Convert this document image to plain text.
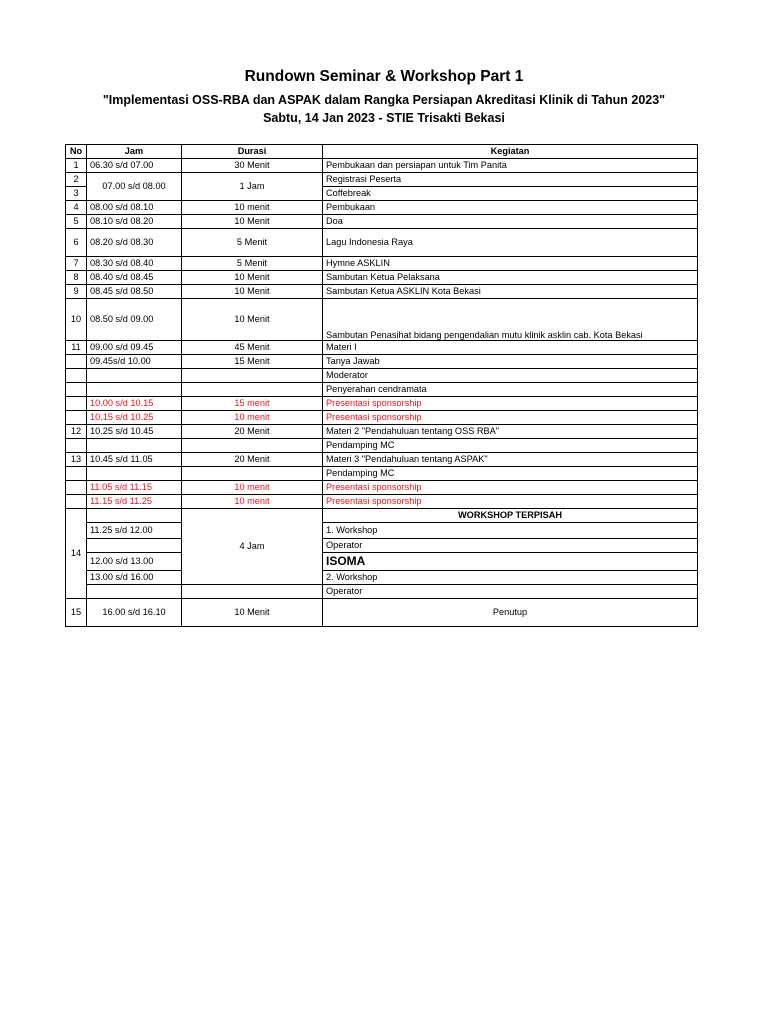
Rundown Seminar & Workshop Part 1
"Implementasi OSS-RBA dan ASPAK dalam Rangka Persiapan Akreditasi Klinik di Tahun 2023"
Sabtu, 14 Jan 2023 - STIE Trisakti Bekasi
No	Jam	Durasi	Kegiatan
1	06.30 s/d 07.00	30 Menit	Pembukaan dan persiapan untuk Tim Panita
2	07.00 s/d 08.00	1 Jam	Registrasi Peserta
3			Coffebreak
4	08.00 s/d 08.10	10 menit	Pembukaan
5	08.10 s/d 08.20	10 Menit	Doa
6	08.20 s/d 08.30	5 Menit	Lagu Indonesia Raya
7	08.30 s/d 08.40	5 Menit	Hymne ASKLIN
8	08.40 s/d 08.45	10 Menit	Sambutan Ketua Pelaksana
9	08.45 s/d 08.50	10 Menit	Sambutan Ketua ASKLIN Kota Bekasi
10	08.50 s/d 09.00	10 Menit	Sambutan Penasihat bidang pengendalian mutu klinik asklin cab. Kota Bekasi
11	09.00 s/d 09.45	45 Menit	Materi I
	09.45s/d 10.00	15 Menit	Tanya Jawab
			Moderator
			Penyerahan cendramata
	10.00 s/d 10.15	15 menit	Presentasi sponsorship
	10.15 s/d 10.25	10 menit	Presentasi sponsorship
12	10.25 s/d 10.45	20 Menit	Materi 2 "Pendahuluan tentang OSS RBA"
			Pendamping MC
13	10.45 s/d 11.05	20 Menit	Materi 3 "Pendahuluan tentang ASPAK"
			Pendamping MC
	11.05 s/d 11.15	10 menit	Presentasi sponsorship
	11.15 s/d 11.25	10 menit	Presentasi sponsorship
14		4 Jam	WORKSHOP TERPISAH
	11.25 s/d 12.00		1. Workshop
			Operator
	12.00 s/d 13.00		ISOMA
	13.00 s/d 16.00		2. Workshop
			Operator
15	16.00 s/d 16.10	10 Menit	Penutup
